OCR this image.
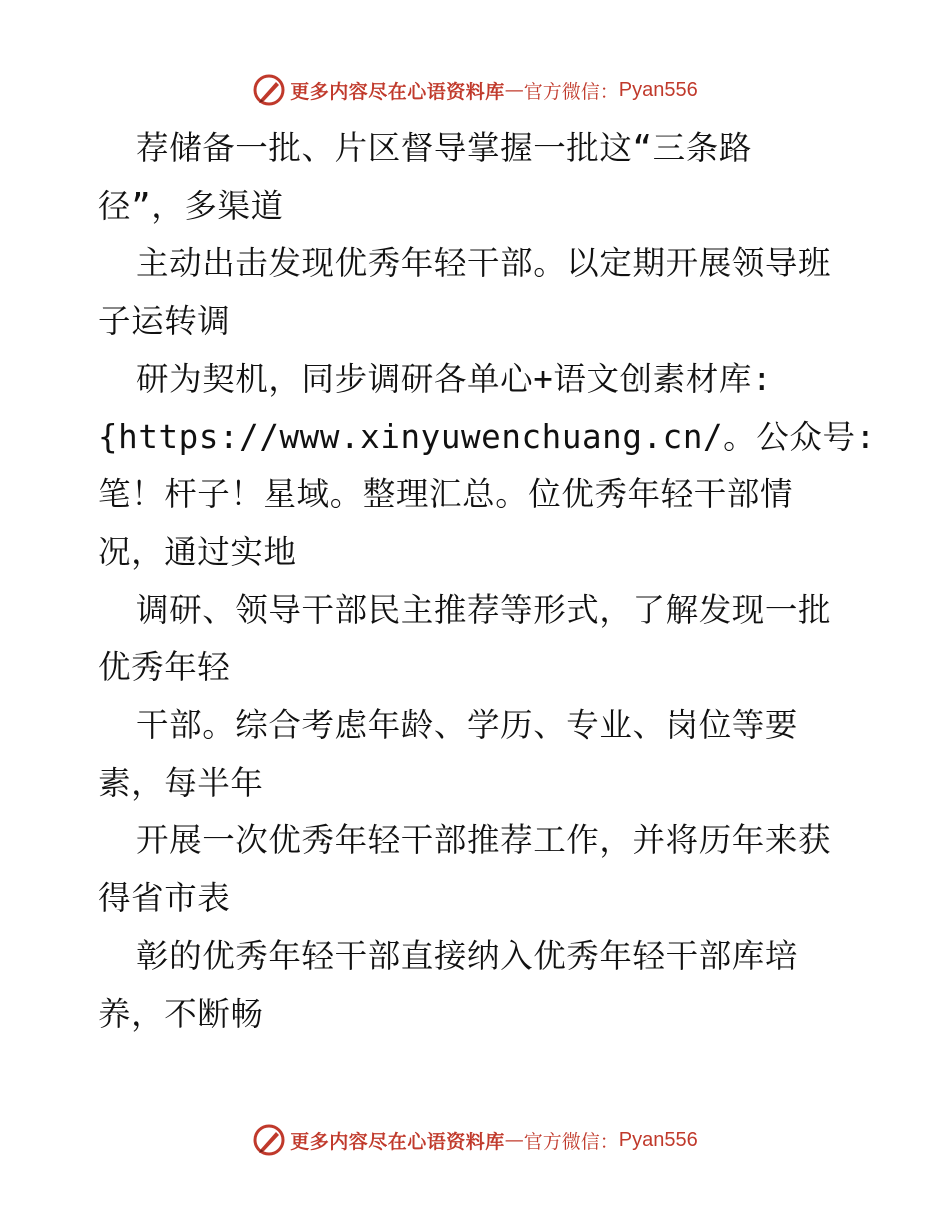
更多内容尽在心语资料库 — 官方微信： Pyan556
荐储备一批、片区督导掌握一批这“三条路
径”，多渠道
主动出击发现优秀年轻干部。以定期开展领导班
子运转调
研为契机，同步调研各单心+语文创素材库:
{https://www.xinyuwenchuang.cn/。公众号:
笔！杆子！星域。整理汇总。位优秀年轻干部情
况，通过实地
调研、领导干部民主推荐等形式，了解发现一批
优秀年轻
干部。综合考虑年龄、学历、专业、岗位等要
素，每半年
开展一次优秀年轻干部推荐工作，并将历年来获
得省市表
彰的优秀年轻干部直接纳入优秀年轻干部库培
养，不断畅
更多内容尽在心语资料库 — 官方微信： Pyan556
